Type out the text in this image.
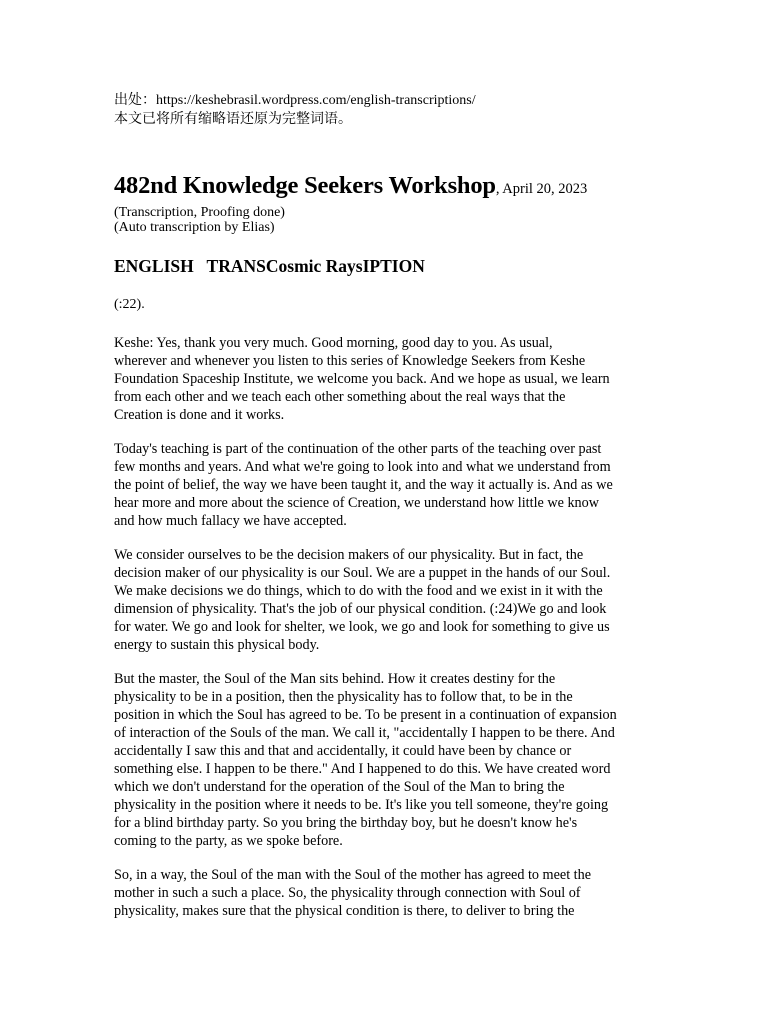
出处：https://keshebrasil.wordpress.com/english-transcriptions/
本文已将所有缩略语还原为完整词语。
482nd Knowledge Seekers Workshop, April 20, 2023
(Transcription, Proofing done)
(Auto transcription by Elias)
ENGLISH   TRANSCosmic RaysIPTION
(:22).
Keshe: Yes, thank you very much. Good morning, good day to you. As usual,
wherever and whenever you listen to this series of Knowledge Seekers from Keshe
Foundation Spaceship Institute, we welcome you back. And we hope as usual, we learn
from each other and we teach each other something about the real ways that the
Creation is done and it works.
Today's teaching is part of the continuation of the other parts of the teaching over past
few months and years. And what we're going to look into and what we understand from
the point of belief, the way we have been taught it, and the way it actually is. And as we
hear more and more about the science of Creation, we understand how little we know
and how much fallacy we have accepted.
We consider ourselves to be the decision makers of our physicality. But in fact, the
decision maker of our physicality is our Soul. We are a puppet in the hands of our Soul.
We make decisions we do things, which to do with the food and we exist in it with the
dimension of physicality. That's the job of our physical condition. (:24)We go and look
for water. We go and look for shelter, we look, we go and look for something to give us
energy to sustain this physical body.
But the master, the Soul of the Man sits behind. How it creates destiny for the
physicality to be in a position, then the physicality has to follow that, to be in the
position in which the Soul has agreed to be. To be present in a continuation of expansion
of interaction of the Souls of the man. We call it, "accidentally I happen to be there. And
accidentally I saw this and that and accidentally, it could have been by chance or
something else. I happen to be there." And I happened to do this. We have created word
which we don't understand for the operation of the Soul of the Man to bring the
physicality in the position where it needs to be. It's like you tell someone, they're going
for a blind birthday party. So you bring the birthday boy, but he doesn't know he's
coming to the party, as we spoke before.
So, in a way, the Soul of the man with the Soul of the mother has agreed to meet the
mother in such a such a place. So, the physicality through connection with Soul of
physicality, makes sure that the physical condition is there, to deliver to bring the
